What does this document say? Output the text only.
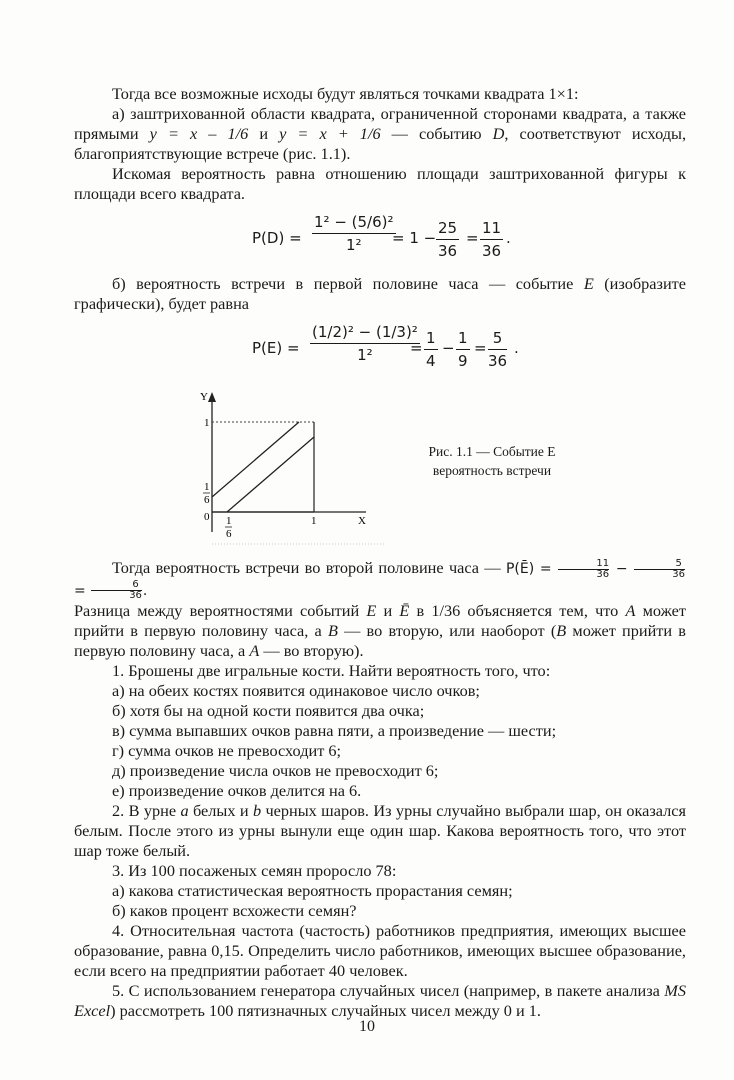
Тогда все возможные исходы будут являться точками квадрата 1×1:

а) заштрихованной области квадрата, ограниченной сторонами квадрата, а также прямыми y = x – 1/6 и y = x + 1/6 — событию D, соответствуют исходы, благоприятствующие встрече (рис. 1.1).

Искомая вероятность равна отношению площади заштрихованной фигуры к площади всего квадрата.

P(D) =
1² − (5/6)²
1²	= 1 −
25
36
=
11
36
.

б) вероятность встречи в первой половине часа — событие E (изобразите графически), будет равна

P(E) =
(1/2)² − (1/3)²
1²	=
1
4
−
1
9
=
5
36
.
Y
X
1
1
0
1
6
1
6
Рис. 1.1 — Событие E
вероятность встречи

Тогда вероятность встречи во второй половине часа — P(Ē) = $\frac{11}{36} - \frac{5}{36}$
= $\frac{6}{36}$ .

Разница между вероятностями событий E и Ē в 1/36 объясняется тем, что A может прийти в первую половину часа, а B — во вторую, или наоборот (B может прийти в первую половину часа, а A — во вторую).

1. Брошены две игральные кости. Найти вероятность того, что:

а) на обеих костях появится одинаковое число очков;

б) хотя бы на одной кости появится два очка;

в) сумма выпавших очков равна пяти, а произведение — шести;

г) сумма очков не превосходит 6;

д) произведение числа очков не превосходит 6;

е) произведение очков делится на 6.

2. В урне a белых и b черных шаров. Из урны случайно выбрали шар, он оказался белым. После этого из урны вынули еще один шар. Какова вероятность того, что этот шар тоже белый.

3. Из 100 посаженых семян проросло 78:

а) какова статистическая вероятность прорастания семян;

б) каков процент всхожести семян?

4. Относительная частота (частость) работников предприятия, имеющих высшее образование, равна 0,15. Определить число работников, имеющих высшее образование, если всего на предприятии работает 40 человек.

5. С использованием генератора случайных чисел (например, в пакете анализа MS Excel) рассмотреть 100 пятизначных случайных чисел между 0 и 1.

10
